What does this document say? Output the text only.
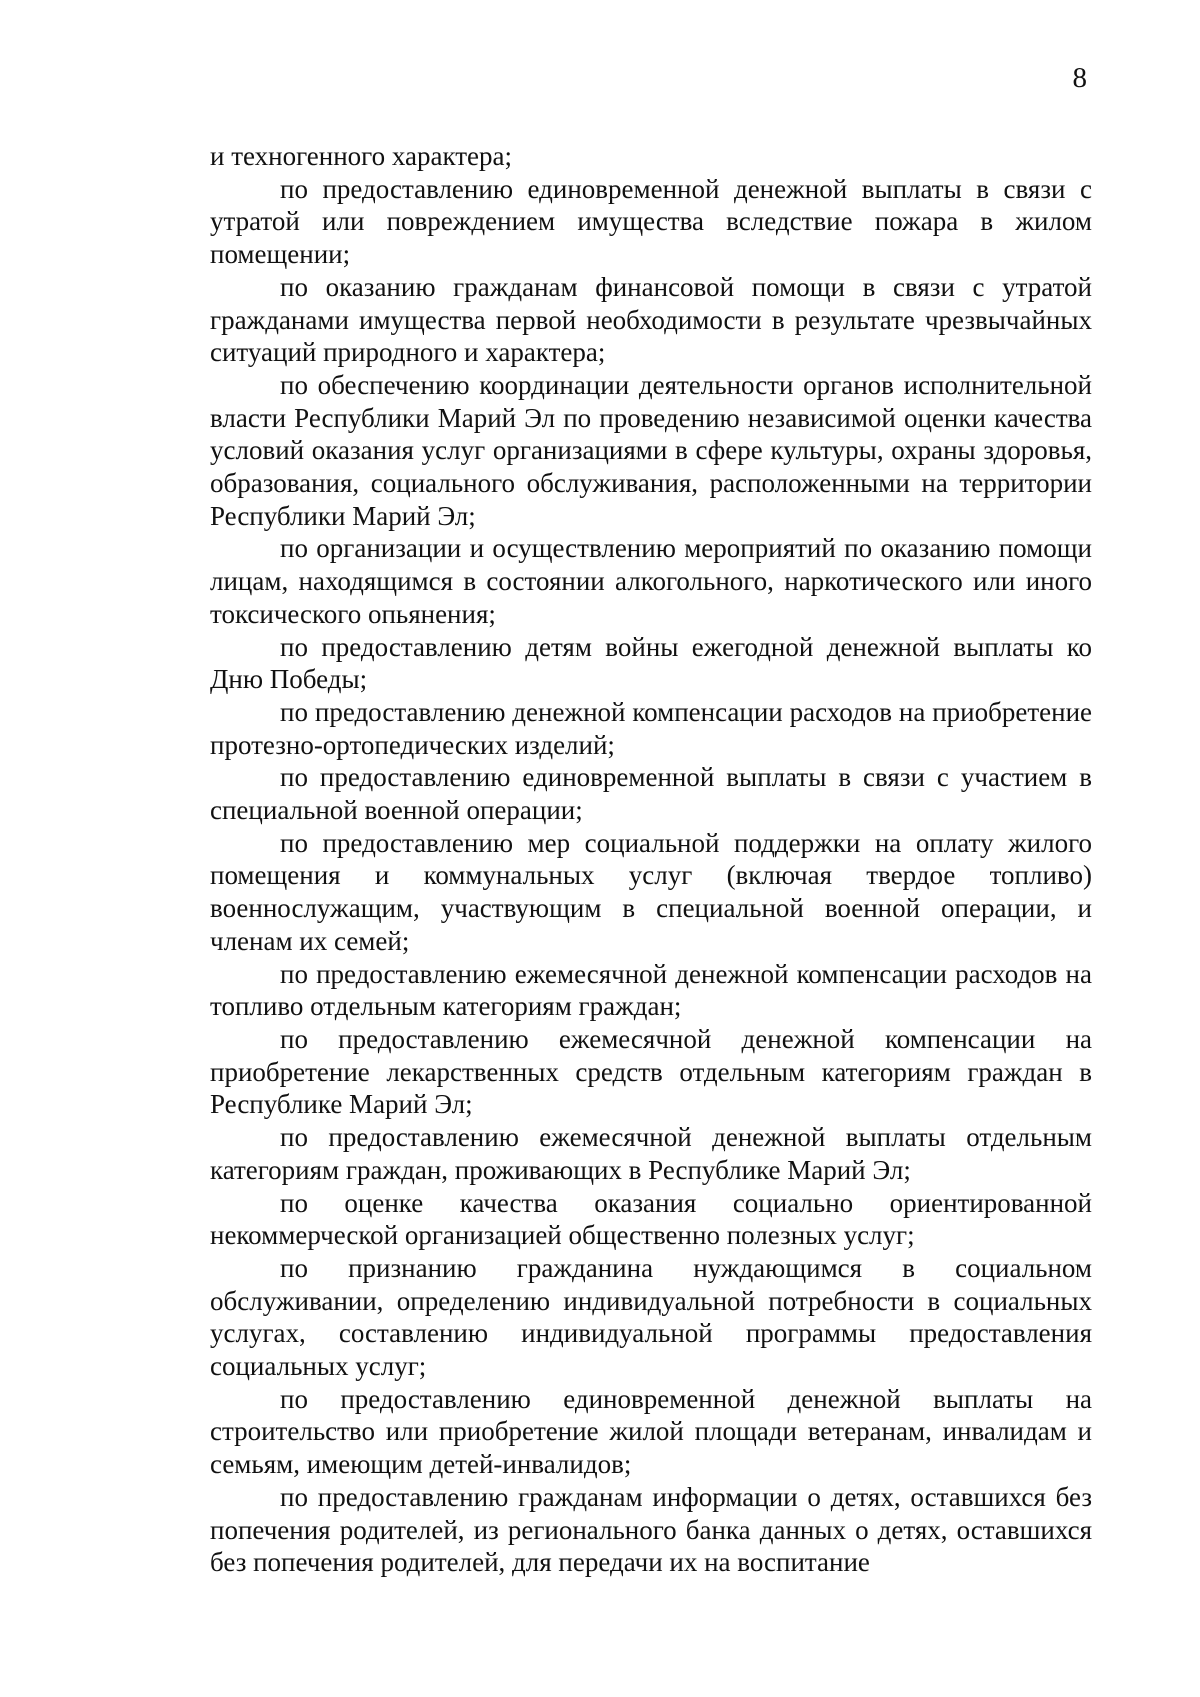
8

и техногенного характера;

по предоставлению единовременной денежной выплаты в связи с утратой или повреждением имущества вследствие пожара в жилом помещении;

по оказанию гражданам финансовой помощи в связи с утратой гражданами имущества первой необходимости в результате чрезвычайных ситуаций природного и характера;

по обеспечению координации деятельности органов исполнительной власти Республики Марий Эл по проведению независимой оценки качества условий оказания услуг организациями в сфере культуры, охраны здоровья, образования, социального обслуживания, расположенными на территории Республики Марий Эл;

по организации и осуществлению мероприятий по оказанию помощи лицам, находящимся в состоянии алкогольного, наркотического или иного токсического опьянения;

по предоставлению детям войны ежегодной денежной выплаты ко Дню Победы;

по предоставлению денежной компенсации расходов на приобретение протезно-ортопедических изделий;

по предоставлению единовременной выплаты в связи с участием в специальной военной операции;

по предоставлению мер социальной поддержки на оплату жилого помещения и коммунальных услуг (включая твердое топливо) военнослужащим, участвующим в специальной военной операции, и членам их семей;

по предоставлению ежемесячной денежной компенсации расходов на топливо отдельным категориям граждан;

по предоставлению ежемесячной денежной компенсации на приобретение лекарственных средств отдельным категориям граждан в Республике Марий Эл;

по предоставлению ежемесячной денежной выплаты отдельным категориям граждан, проживающих в Республике Марий Эл;

по оценке качества оказания социально ориентированной некоммерческой организацией общественно полезных услуг;

по признанию гражданина нуждающимся в социальном обслуживании, определению индивидуальной потребности в социальных услугах, составлению индивидуальной программы предоставления социальных услуг;

по предоставлению единовременной денежной выплаты на строительство или приобретение жилой площади ветеранам, инвалидам и семьям, имеющим детей-инвалидов;

по предоставлению гражданам информации о детях, оставшихся без попечения родителей, из регионального банка данных о детях, оставшихся без попечения родителей, для передачи их на воспитание
